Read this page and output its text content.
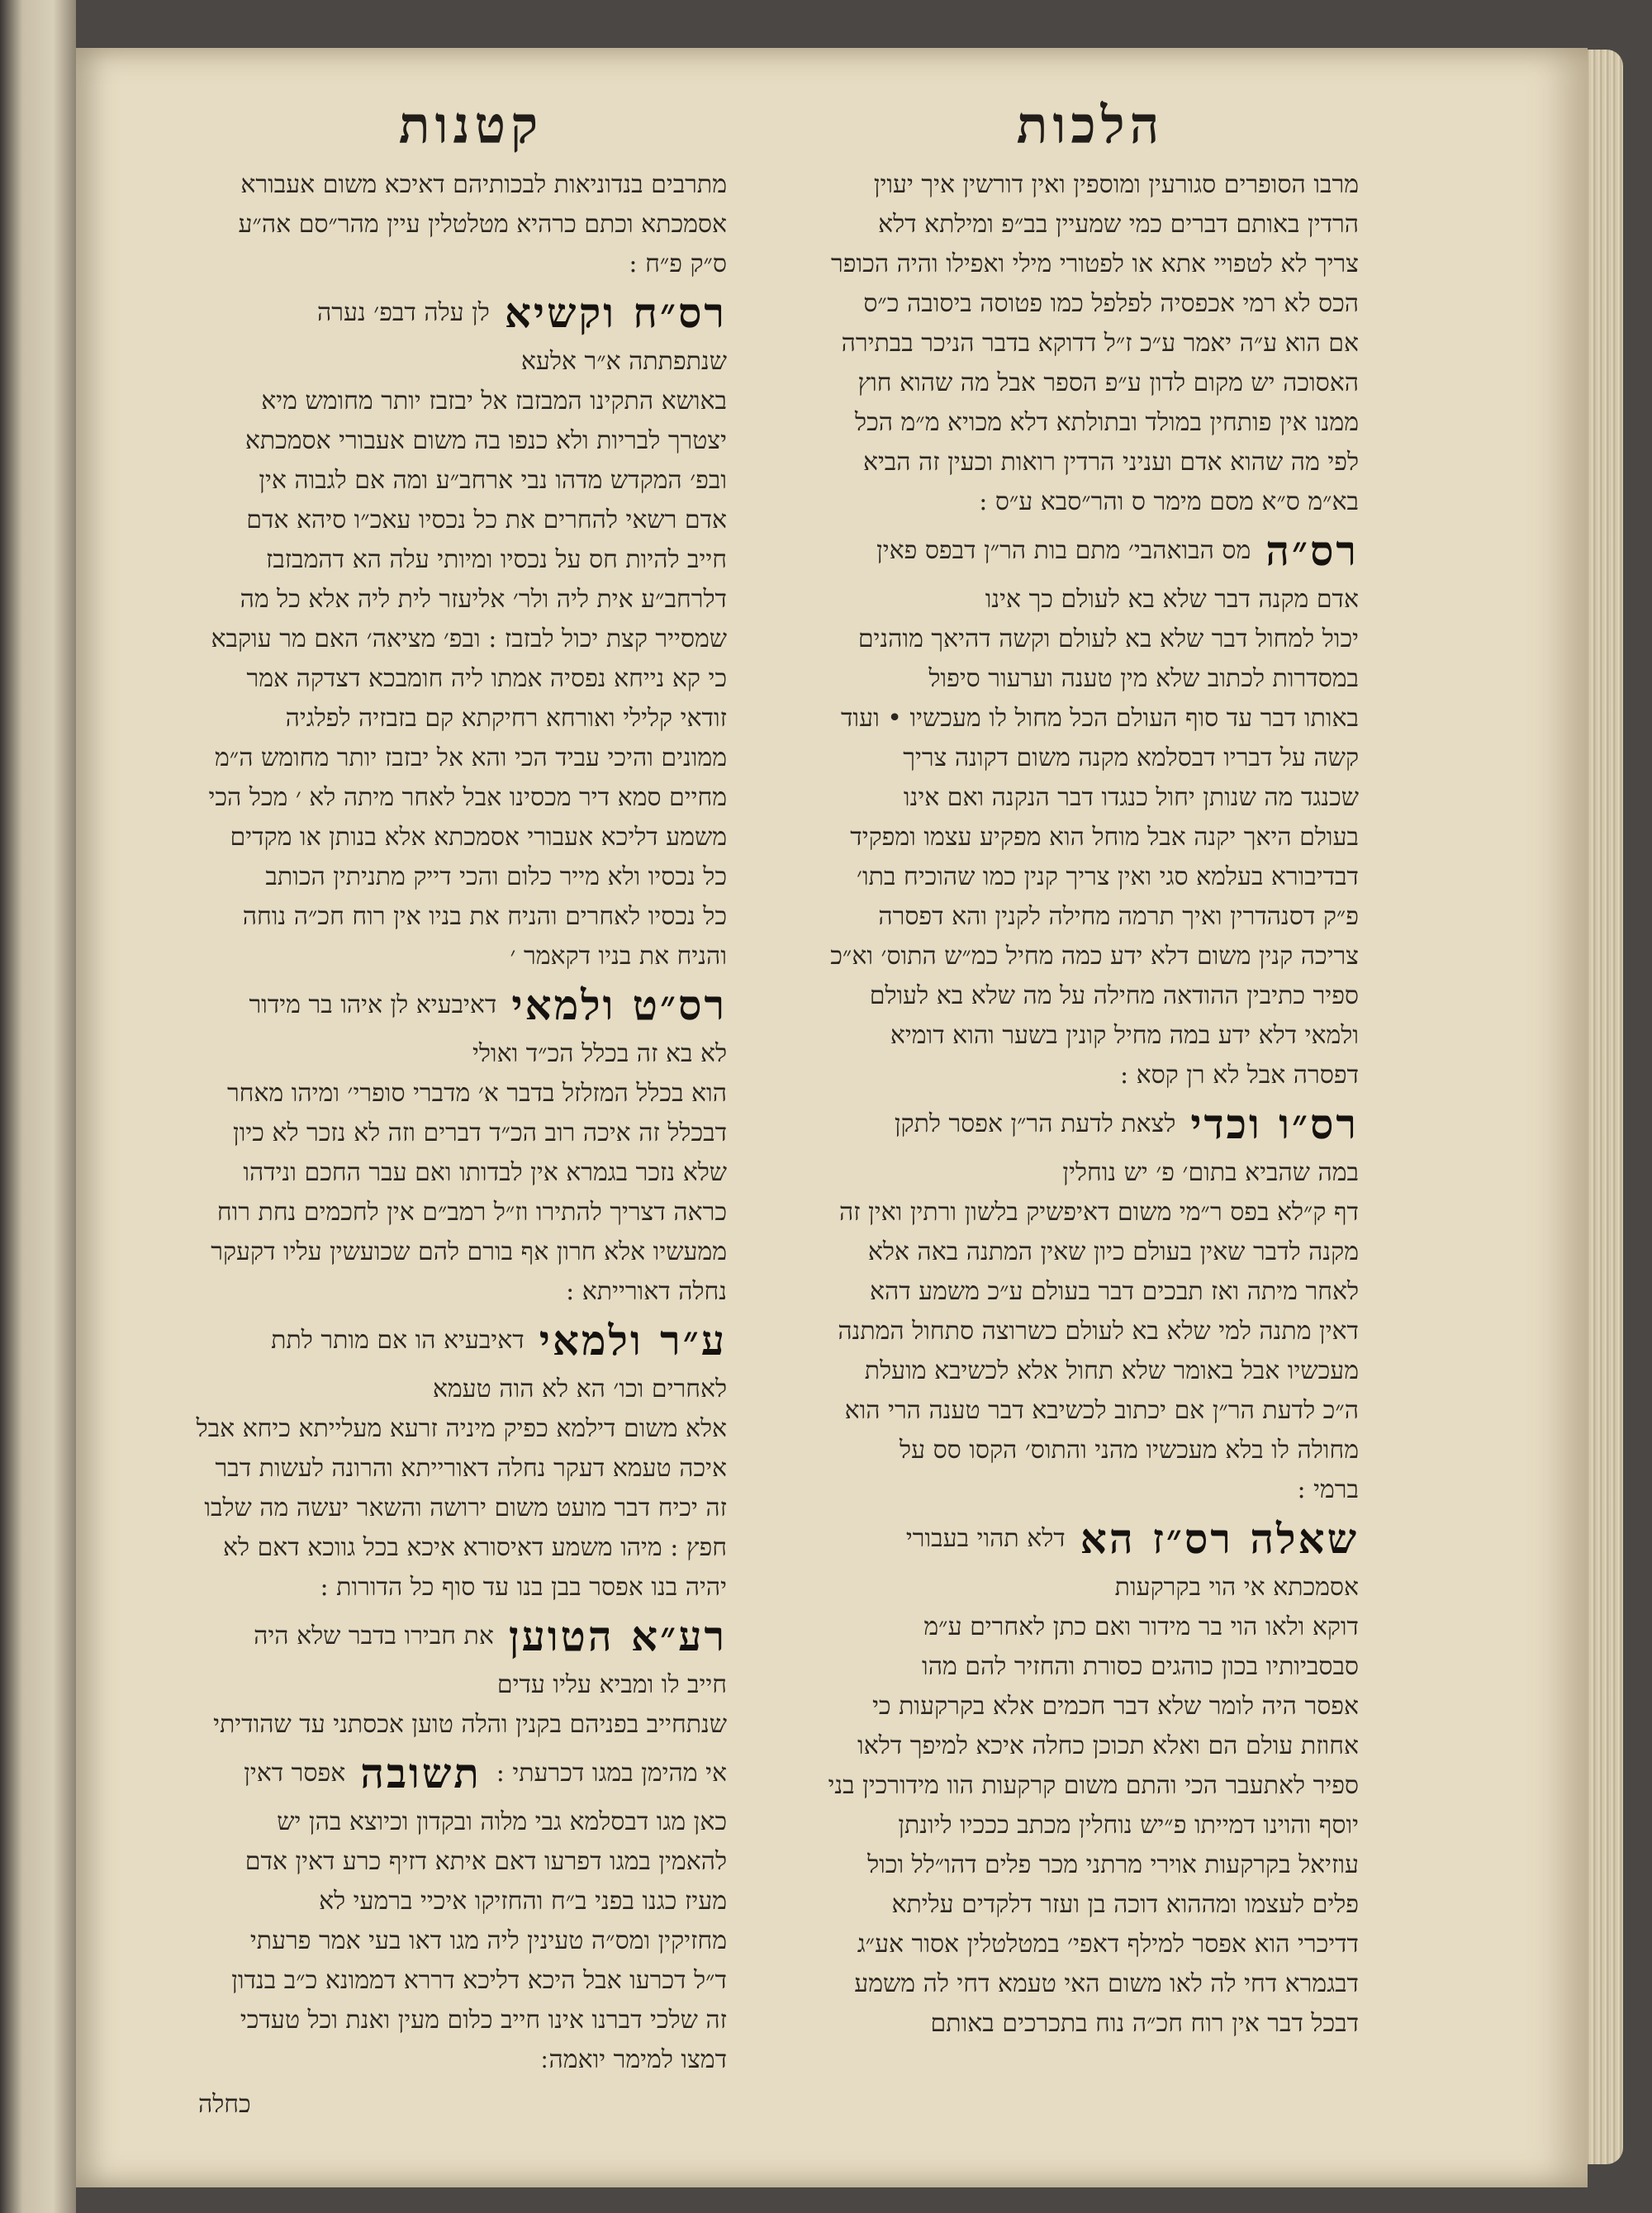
הלכות
קטנות
מרבו הסופרים סגורעין ומוספין ואין דורשין איך יעוין
הרדין באותם דברים כמי שמעיין בב״פ ומילתא דלא
צריך לא לטפויי אתא או לפטורי מילי ואפילו והיה הכופר
הכס לא רמי אכפסיה לפלפל כמו פטוסה ביסובה כ״ס
אם הוא ע״ה יאמר ע״כ ז״ל דדוקא בדבר הניכר בבתירה
האסוכה יש מקום לדון ע״פ הספר אבל מה שהוא חוץ
ממנו אין פותחין במולד ובתולתא דלא מכויא מ״מ הכל
לפי מה שהוא אדם ועניני הרדין רואות וכעין זה הביא
בא״מ ס״א מסם מימר ס והר״סבא ע״ס :
רס״ה
מס הבואהבי׳ מתם בות הר״ן דבפס פאין
אדם מקנה דבר שלא בא לעולם כך אינו
יכול למחול דבר שלא בא לעולם וקשה דהיאך מוהנים
במסדרות לכתוב שלא מין טענה וערעור סיפול
באותו דבר עד סוף העולם הכל מחול לו מעכשיו • ועוד
קשה על דבריו דבסלמא מקנה משום דקונה צריך
שכנגד מה שנותן יחול כנגדו דבר הנקנה ואם אינו
בעולם היאך יקנה אבל מוחל הוא מפקיע עצמו ומפקיד
דבדיבורא בעלמא סגי ואין צריך קנין כמו שהוכיח בתו׳
פ״ק דסנהדרין ואיך תרמה מחילה לקנין והא דפסרה
צריכה קנין משום דלא ידע כמה מחיל כמ״ש התוס׳ וא״כ
ספיר כתיבין ההודאה מחילה על מה שלא בא לעולם
ולמאי דלא ידע במה מחיל קונין בשער והוא דומיא
דפסרה אבל לא רן קסא :
רס״ו וכדי
לצאת לדעת הר״ן אפסר לתקן
במה שהביא בתום׳ פ׳ יש נוחלין
דף ק״לא בפס ר״מי משום דאיפשיק בלשון ורתין ואין זה
מקנה לדבר שאין בעולם כיון שאין המתנה באה אלא
לאחר מיתה ואז תבכים דבר בעולם ע״כ משמע דהא
דאין מתנה למי שלא בא לעולם כשרוצה סתחול המתנה
מעכשיו אבל באומר שלא תחול אלא לכשיבא מועלת
ה״כ לדעת הר״ן אם יכתוב לכשיבא דבר טענה הרי הוא
מחולה לו בלא מעכשיו מהני והתוס׳ הקסו סס על
ברמי :
שאלה רס״ז הא
דלא תהוי בעבורי
אסמכתא אי הוי בקרקעות
דוקא ולאו הוי בר מידור ואם כתן לאחרים ע״מ
סבסביותיו בכון כוהגים כסורת והחזיר להם מהו
אפסר היה לומר שלא דבר חכמים אלא בקרקעות כי
אחוזת עולם הם ואלא תכוכן כחלה איכא למיפך דלאו
ספיר לאתעבר הכי והתם משום קרקעות הוו מידורכין בני
יוסף והוינו דמייתו פ״יש נוחלין מכתב כככיו ליונתן
עוזיאל בקרקעות אוירי מרתני מכר פלים דהו״לל וכול
פלים לעצמו ומההוא דוכה בן ועזר דלקדים עליתא
דדיכרי הוא אפסר למילף דאפי׳ במטלטלין אסור אע״ג
דבגמרא דחי לה לאו משום האי טעמא דחי לה משמע
דבכל דבר אין רוח חכ״ה נוח בתכרכים באותם
מתרבים בנדוניאות לבכותיהם דאיכא משום אעבורא
אסמכתא וכתם כרהיא מטלטלין עיין מהר״סם אה״ע
ס״ק פ״ח :
רס״ח וקשיא
לן עלה דבפ׳ נערה
שנתפתתה א״ר אלעא
באושא התקינו המבזבז אל יבזבז יותר מחומש מיא
יצטרך לבריות ולא כנפו בה משום אעבורי אסמכתא
ובפ׳ המקדש מדהו נבי ארחב״ע ומה אם לגבוה אין
אדם רשאי להחרים את כל נכסיו עאכ״ו סיהא אדם
חייב להיות חס על נכסיו ומיותי עלה הא דהמבזבז
דלרחב״ע אית ליה ולר׳ אליעזר לית ליה אלא כל מה
שמסייר קצת יכול לבזבז : ובפ׳ מציאה׳ האם מר עוקבא
כי קא נייחא נפסיה אמתו ליה חומבכא דצדקה אמר
זודאי קלילי ואורחא רחיקתא קם בזבזיה לפלגיה
ממונים והיכי עביד הכי והא אל יבזבז יותר מחומש ה״מ
מחיים סמא דיר מכסינו אבל לאחר מיתה לא ׳ מכל הכי
משמע דליכא אעבורי אסמכתא אלא בנותן או מקדים
כל נכסיו ולא מייר כלום והכי דייק מתניתין הכותב
כל נכסיו לאחרים והניח את בניו אין רוח חכ״ה נוחה
והניח את בניו דקאמר ׳
רס״ט ולמאי
דאיבעיא לן איהו בר מידור
לא בא זה בכלל הכ״ד ואולי
הוא בכלל המזלזל בדבר א׳ מדברי סופרי׳ ומיהו מאחר
דבכלל זה איכה רוב הכ״ד דברים וזה לא נזכר לא כיון
שלא נזכר בגמרא אין לבדותו ואם עבר החכם ונידהו
כראה דצריך להתירו וז״ל רמב״ם אין לחכמים נחת רוח
ממעשיו אלא חרון אף בורם להם שכועשין עליו דקעקר
נחלה דאורייתא :
ע״ר ולמאי
דאיבעיא הו אם מותר לתת
לאחרים וכו׳ הא לא הוה טעמא
אלא משום דילמא כפיק מיניה זרעא מעלייתא כיחא אבל
איכה טעמא דעקר נחלה דאורייתא והרונה לעשות דבר
זה יכיח דבר מועט משום ירושה והשאר יעשה מה שלבו
חפץ : מיהו משמע דאיסורא איכא בכל גווכא דאם לא
יהיה בנו אפסר בבן בנו עד סוף כל הדורות :
רע״א הטוען
את חבירו בדבר שלא היה
חייב לו ומביא עליו עדים
שנתחייב בפניהם בקנין והלה טוען אכסתני עד שהודיתי
אי מהימן במגו דכרעתי :
תשובה
אפסר דאין
כאן מגו דבסלמא גבי מלוה ובקדון וכיוצא בהן יש
להאמין במגו דפרעו דאם איתא דזיף כרע דאין אדם
מעיז כגנו בפני ב״ח והחזיקו איכיי ברמעי לא
מחזיקין ומס״ה טעינין ליה מגו דאו בעי אמר פרעתי
ד״ל דכרעו אבל היכא דליכא דררא דממונא כ״ב בנדון
זה שלכי דברנו אינו חייב כלום מעין ואנת וכל טעדכי
דמצו למימר יואמה ׃
כחלה
